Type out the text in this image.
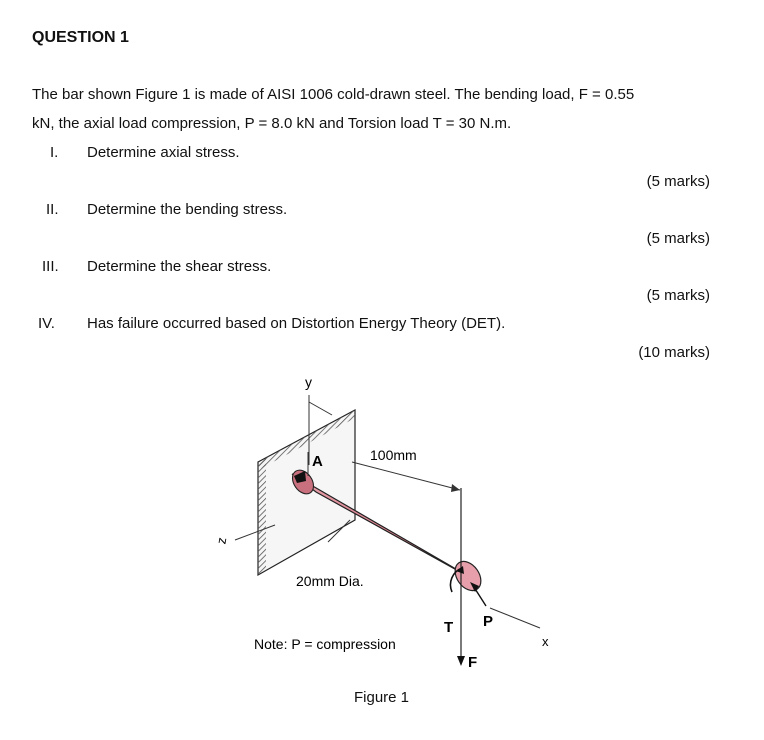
QUESTION 1
The bar shown Figure 1 is made of AISI 1006 cold-drawn steel. The bending load, F = 0.55
kN, the axial load compression, P = 8.0 kN and Torsion load T = 30 N.m.
I. Determine axial stress.
(5 marks)
II. Determine the bending stress.
(5 marks)
III. Determine the shear stress.
(5 marks)
IV. Has failure occurred based on Distortion Energy Theory (DET).
(10 marks)
y
z
x
A	100mm
F
20mm Dia.
T P
Note: P = compression
Figure 1
